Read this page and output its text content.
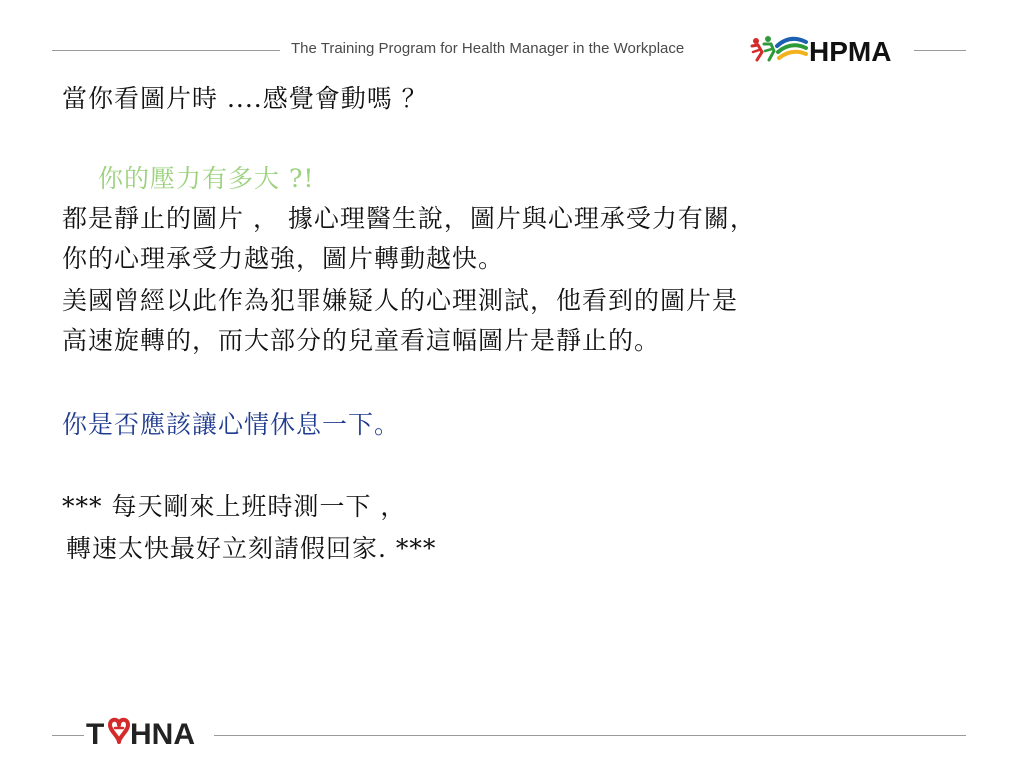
The Training Program for Health Manager in the Workplace	HPMA
當你看圖片時 ....感覺會動嗎 ？
你的壓力有多大 ?!
都是靜止的圖片 ， 據心理醫生說，圖片與心理承受力有關，
你的心理承受力越強，圖片轉動越快。
美國曾經以此作為犯罪嫌疑人的心理測試，他看到的圖片是
高速旋轉的，而大部分的兒童看這幅圖片是靜止的。
你是否應該讓心情休息一下。
*** 每天剛來上班時測一下 ，
轉速太快最好立刻請假回家. ***
T HNA
